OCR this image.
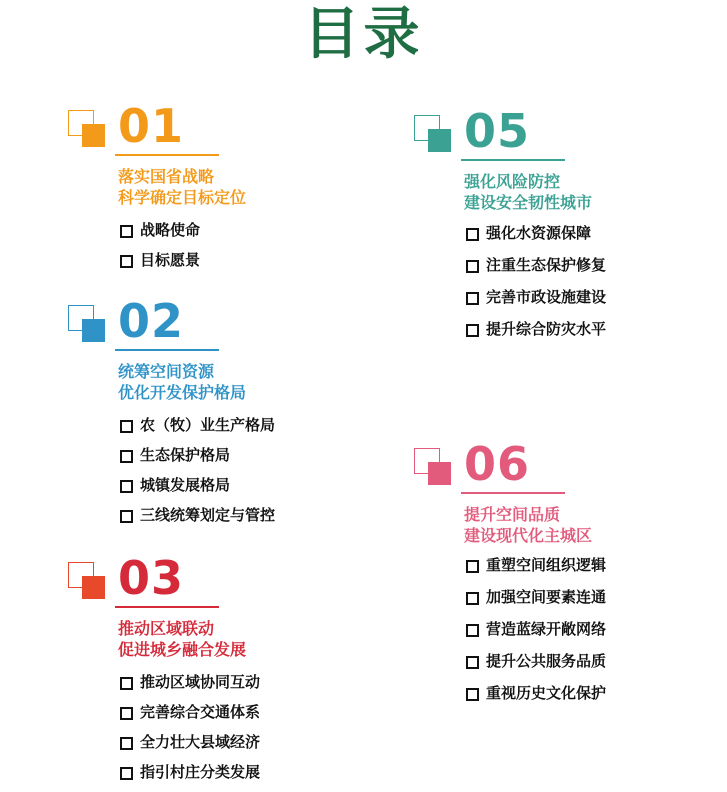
目录
01
落实国省战略
科学确定目标定位
战略使命
目标愿景
02
统筹空间资源
优化开发保护格局
农（牧）业生产格局
生态保护格局
城镇发展格局
三线统筹划定与管控
03
推动区域联动
促进城乡融合发展
推动区域协同互动
完善综合交通体系
全力壮大县域经济
指引村庄分类发展
05
强化风险防控
建设安全韧性城市
强化水资源保障
注重生态保护修复
完善市政设施建设
提升综合防灾水平
06
提升空间品质
建设现代化主城区
重塑空间组织逻辑
加强空间要素连通
营造蓝绿开敞网络
提升公共服务品质
重视历史文化保护
